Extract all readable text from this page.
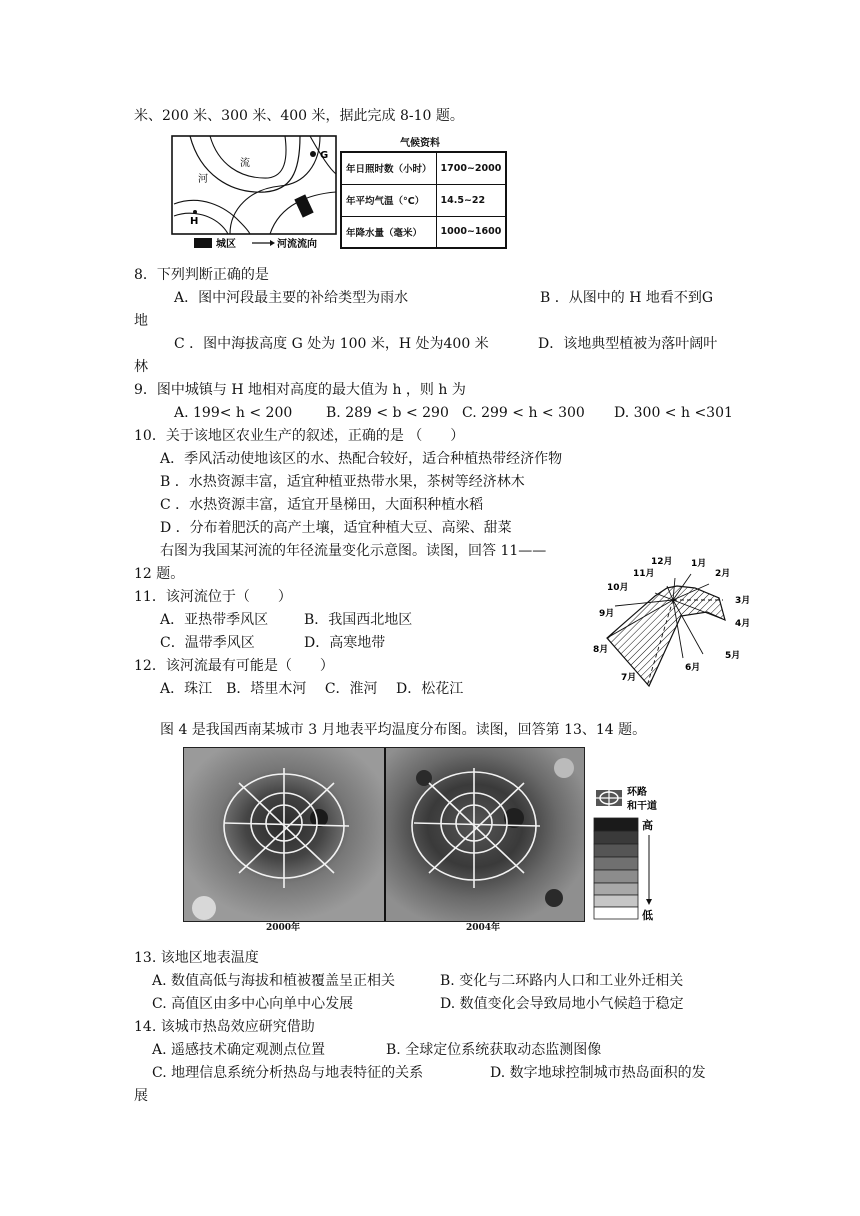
米、200 米、300 米、400 米，据此完成 8-10 题。
G
H
河
流
城区	河流流向
气候资料
年日照时数（小时）	1700~2000
年平均气温（°C）	14.5~22
年降水量（毫米）	1000~1600
8．下列判断正确的是
A．图中河段最主要的补给类型为雨水	B ．从图中的 H 地看不到G
地
C ．图中海拔高度 G 处为 100 米，H 处为400 米	D．该地典型植被为落叶阔叶
林
9．图中城镇与 H 地相对高度的最大值为 h ，则 h 为
A. 199< h < 200 B. 289 < b < 290 C. 299 < h < 300 D. 300 < h <301
10．关于该地区农业生产的叙述，正确的是 （　　）
A．季风活动使地该区的水、热配合较好，适合种植热带经济作物
B ．水热资源丰富，适宜种植亚热带水果，茶树等经济林木
C ．水热资源丰富，适宜开垦梯田，大面积种植水稻
D ．分布着肥沃的高产土壤，适宜种植大豆、高梁、甜菜
右图为我国某河流的年径流量变化示意图。读图，回答 11——
12 题。
1月
2月
3月
4月
5月
6月
7月
8月
9月
10月
11月
12月
11．该河流位于（　　）
A．亚热带季风区	B．我国西北地区
C．温带季风区	D．高寒地带
12．该河流最有可能是（　　）
A．珠江　B．塔里木河　 C．淮河　 D．松花江
图 4 是我国西南某城市 3 月地表平均温度分布图。读图，回答第 13、14 题。
2000年	2004年
环路
和干道
高
低
13. 该地区地表温度
A. 数值高低与海拔和植被覆盖呈正相关	B. 变化与二环路内人口和工业外迁相关
C. 高值区由多中心向单中心发展	D. 数值变化会导致局地小气候趋于稳定
14. 该城市热岛效应研究借助
A. 遥感技术确定观测点位置	B. 全球定位系统获取动态监测图像
C. 地理信息系统分析热岛与地表特征的关系	D. 数字地球控制城市热岛面积的发
展
